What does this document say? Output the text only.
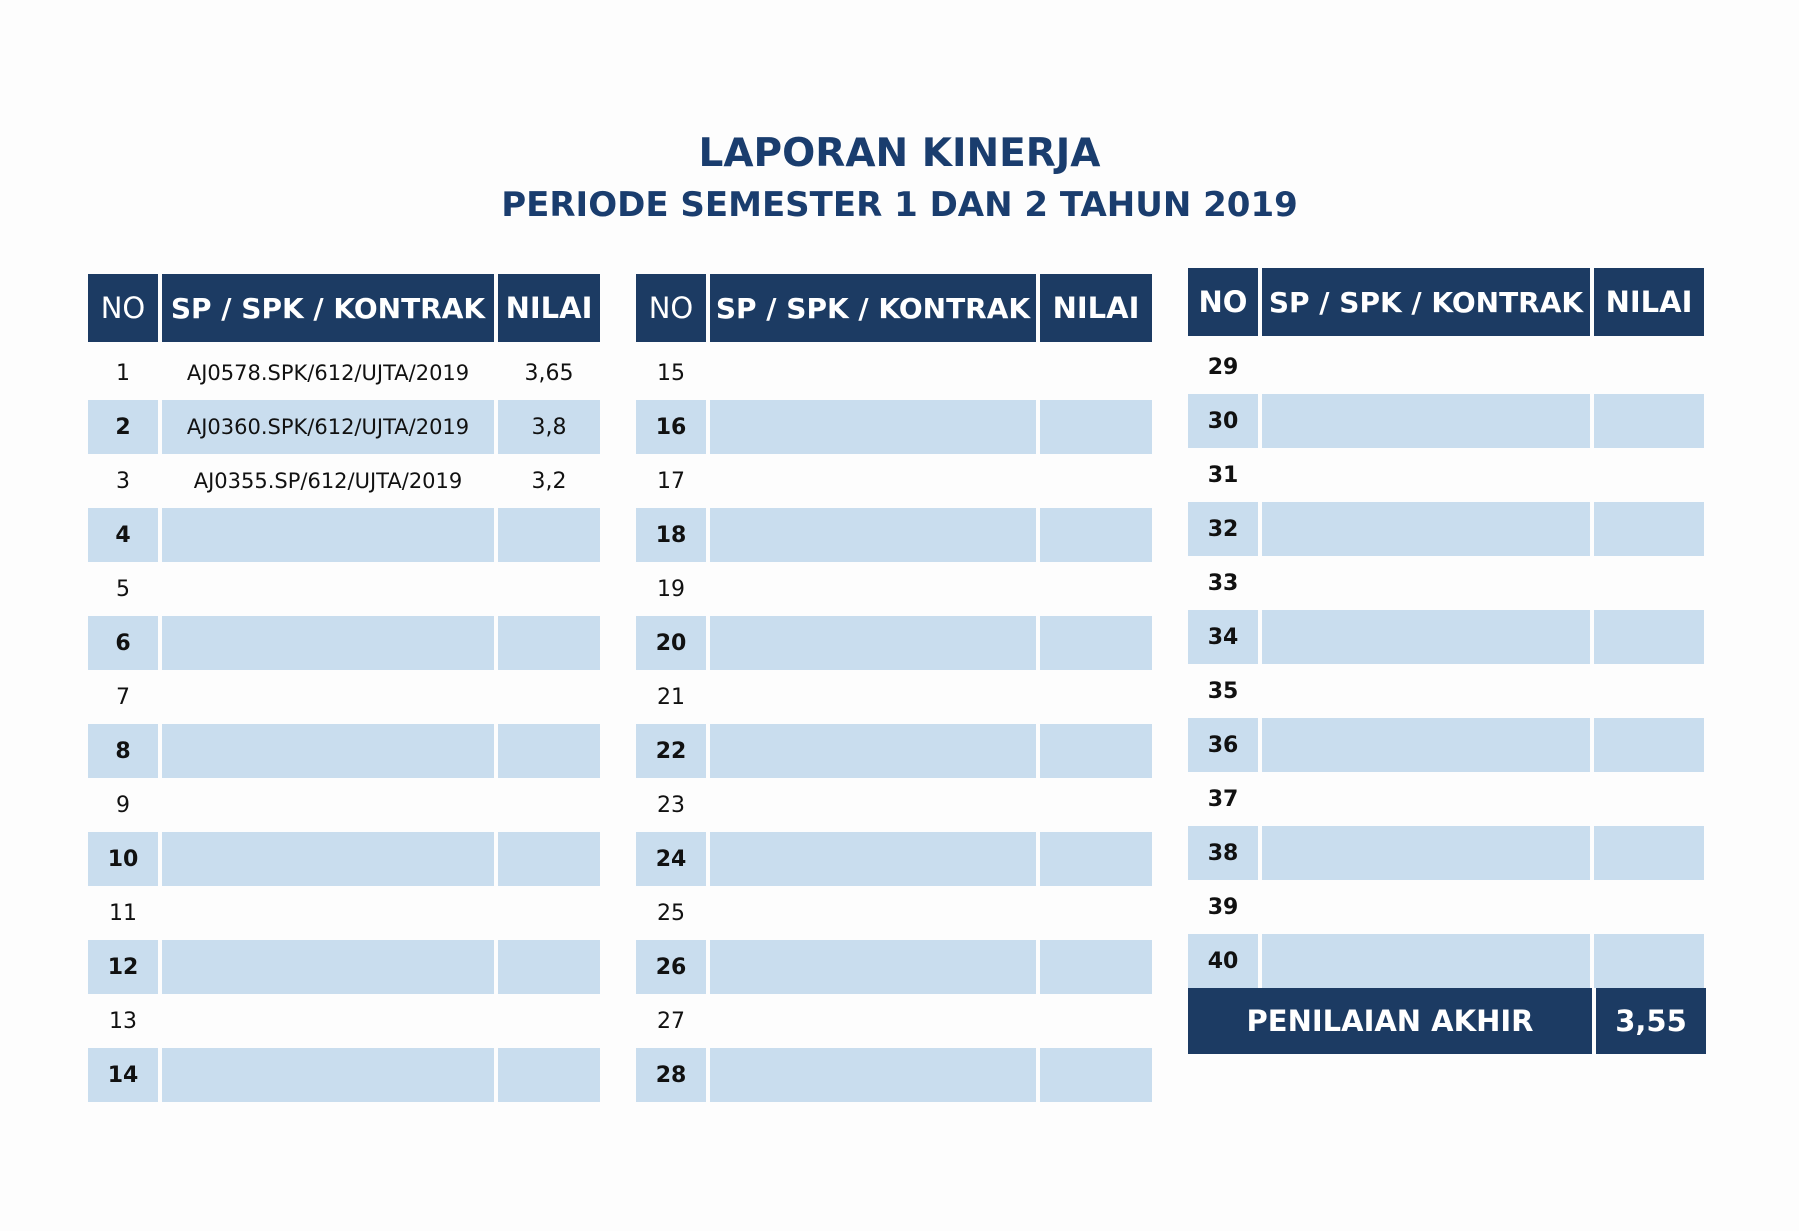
LAPORAN KINERJA
PERIODE SEMESTER 1 DAN 2 TAHUN 2019
NO SP / SPK / KONTRAK NILAI
1	AJ0578.SPK/612/UJTA/2019	3,65
2	AJ0360.SPK/612/UJTA/2019	3,8
3	AJ0355.SP/612/UJTA/2019	3,2
4
5
6
7
8
9
10
11
12
13
14
NO SP / SPK / KONTRAK NILAI
15
16
17
18
19
20
21
22
23
24
25
26
27
28
NO SP / SPK / KONTRAK NILAI
29
30
31
32
33
34
35
36
37
38
39
40
PENILAIAN AKHIR	3,55
